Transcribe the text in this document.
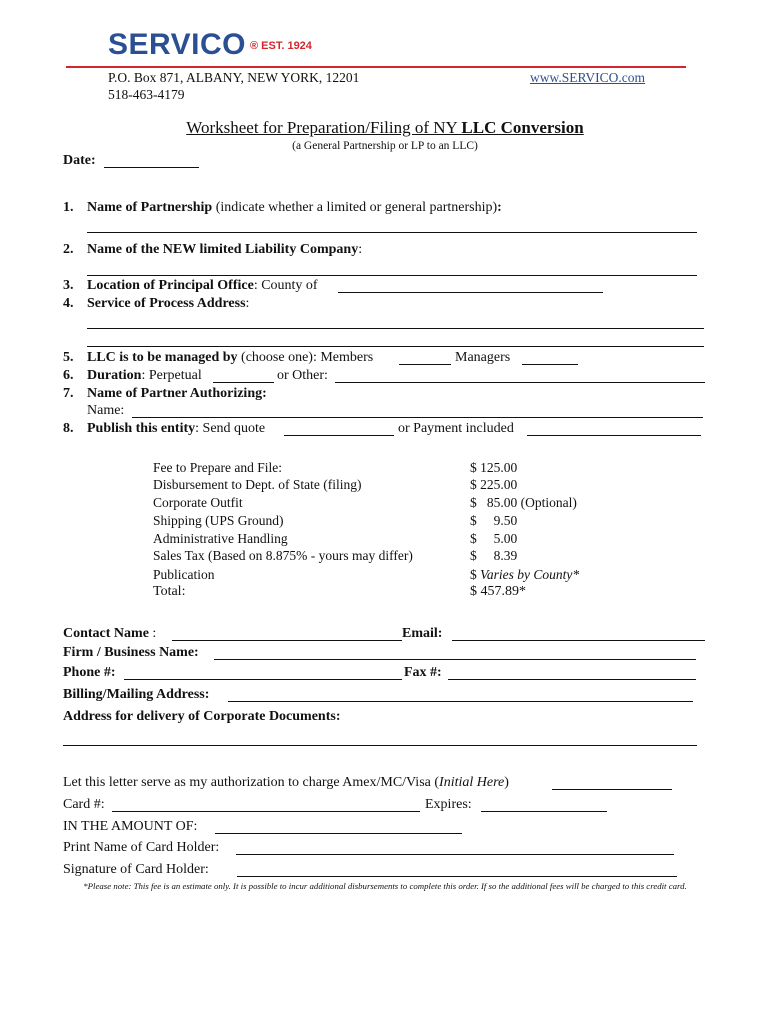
SERVICO ® EST. 1924
P.O. Box 871, ALBANY, NEW YORK, 12201
518-463-4179
www.SERVICO.com
Worksheet for Preparation/Filing of NY LLC Conversion
(a General Partnership or LP to an LLC)
Date:
1. Name of Partnership (indicate whether a limited or general partnership):
2. Name of the NEW limited Liability Company:
3. Location of Principal Office: County of
4. Service of Process Address:
5. LLC is to be managed by (choose one): Members	Managers
6. Duration: Perpetual	or Other:
7. Name of Partner Authorizing:
Name:
8. Publish this entity: Send quote	or Payment included
Fee to Prepare and File:	$ 125.00
Disbursement to Dept. of State (filing)	$ 225.00
Corporate Outfit	$   85.00 (Optional)
Shipping (UPS Ground)	$     9.50
Administrative Handling	$     5.00
Sales Tax (Based on 8.875% - yours may differ)	$     8.39
Publication	$ Varies by County*
Total:	$ 457.89*
Contact Name :	Email:
Firm / Business Name:
Phone #:	Fax #:
Billing/Mailing Address:
Address for delivery of Corporate Documents:
Let this letter serve as my authorization to charge Amex/MC/Visa (Initial Here)
Card #:	Expires:
IN THE AMOUNT OF:
Print Name of Card Holder:
Signature of Card Holder:
*Please note: This fee is an estimate only. It is possible to incur additional disbursements to complete this order. If so the additional fees will be charged to this credit card.
